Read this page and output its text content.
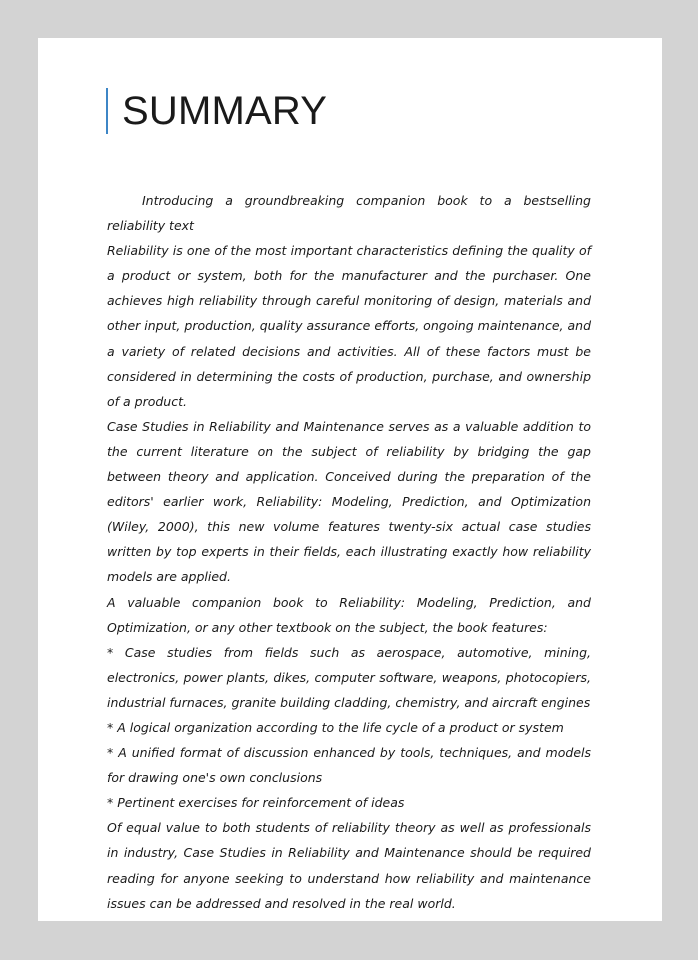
SUMMARY

Introducing a groundbreaking companion book to a bestselling reliability text

Reliability is one of the most important characteristics defining the quality of a product or system, both for the manufacturer and the purchaser. One achieves high reliability through careful monitoring of design, materials and other input, production, quality assurance efforts, ongoing maintenance, and a variety of related decisions and activities. All of these factors must be considered in determining the costs of production, purchase, and ownership of a product.

Case Studies in Reliability and Maintenance serves as a valuable addition to the current literature on the subject of reliability by bridging the gap between theory and application. Conceived during the preparation of the editors' earlier work, Reliability: Modeling, Prediction, and Optimization (Wiley, 2000), this new volume features twenty-six actual case studies written by top experts in their fields, each illustrating exactly how reliability models are applied.

A valuable companion book to Reliability: Modeling, Prediction, and Optimization, or any other textbook on the subject, the book features:

* Case studies from fields such as aerospace, automotive, mining, electronics, power plants, dikes, computer software, weapons, photocopiers, industrial furnaces, granite building cladding, chemistry, and aircraft engines

* A logical organization according to the life cycle of a product or system

* A unified format of discussion enhanced by tools, techniques, and models for drawing one's own conclusions

* Pertinent exercises for reinforcement of ideas

Of equal value to both students of reliability theory as well as professionals in industry, Case Studies in Reliability and Maintenance should be required reading for anyone seeking to understand how reliability and maintenance issues can be addressed and resolved in the real world.
